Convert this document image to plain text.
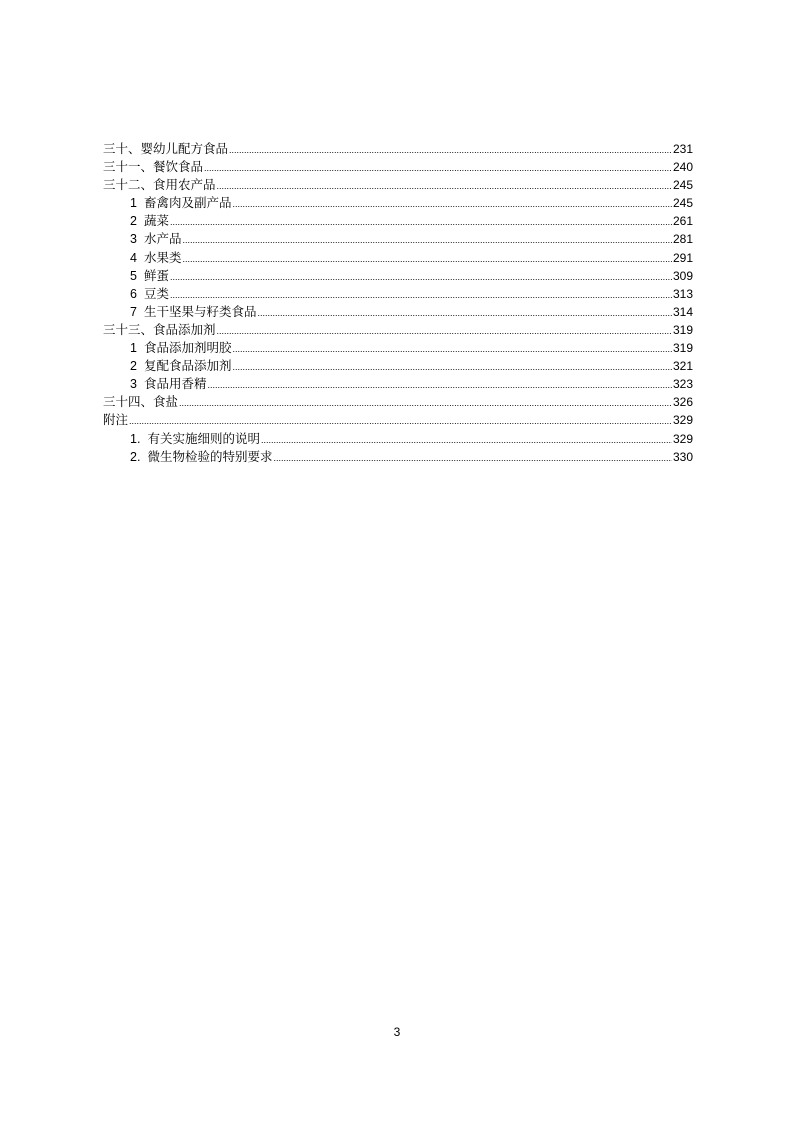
三十、婴幼儿配方食品 .....	231
三十一、餐饮食品 .....	240
三十二、食用农产品 .....	245
1 畜禽肉及副产品 .....	245
2 蔬菜 .....	261
3 水产品 .....	281
4 水果类 .....	291
5 鲜蛋 .....	309
6 豆类 .....	313
7 生干坚果与籽类食品 .....	314
三十三、食品添加剂 .....	319
1 食品添加剂明胶 .....	319
2 复配食品添加剂 .....	321
3 食品用香精 .....	323
三十四、食盐 .....	326
附注 .....	329
1. 有关实施细则的说明 .....	329
2. 微生物检验的特别要求 .....	330
3
